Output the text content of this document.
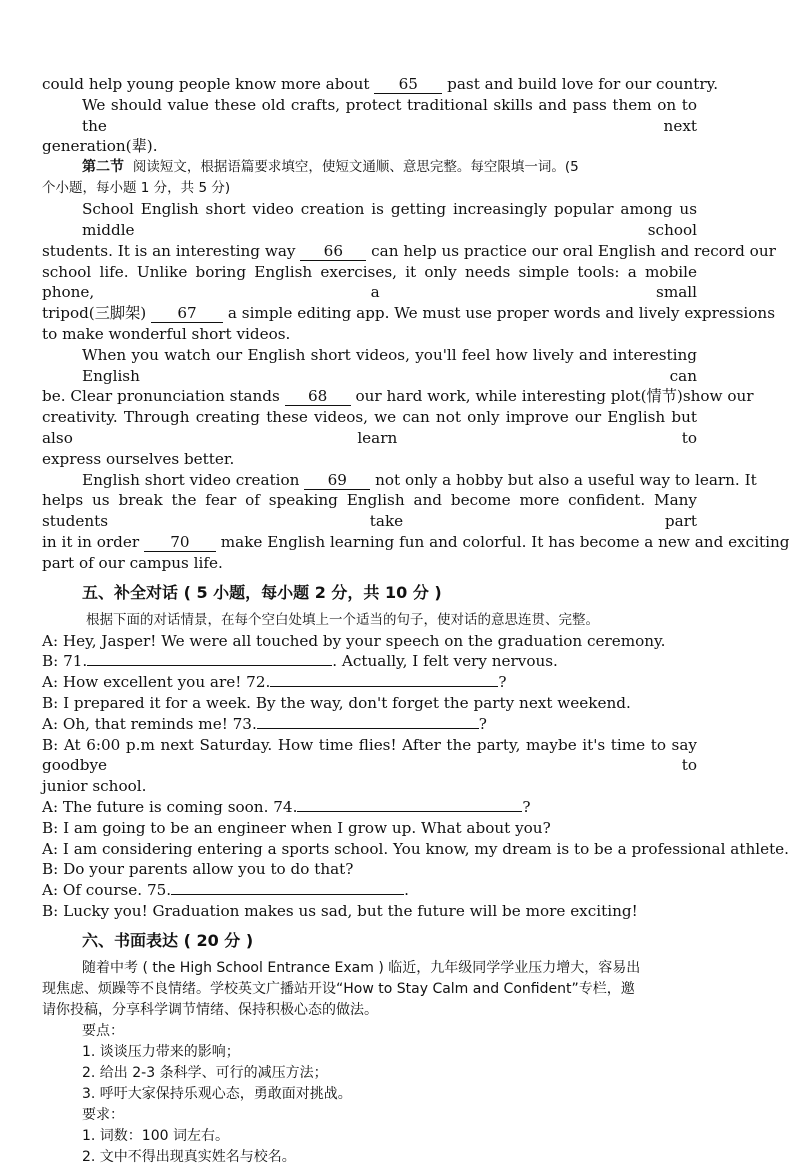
could help young people know more about 65 past and build love for our country.
We should value these old crafts, protect traditional skills and pass them on to the next
generation(辈).
第二节 阅读短文，根据语篇要求填空，使短文通顺、意思完整。每空限填一词。(5
个小题，每小题 1 分，共 5 分)
School English short video creation is getting increasingly popular among us middle school
students. It is an interesting way 66 can help us practice our oral English and record our
school life. Unlike boring English exercises, it only needs simple tools: a mobile phone, a small
tripod(三脚架) 67 a simple editing app. We must use proper words and lively expressions
to make wonderful short videos.
When you watch our English short videos, you'll feel how lively and interesting English can
be. Clear pronunciation stands 68 our hard work, while interesting plot(情节)show our
creativity. Through creating these videos, we can not only improve our English but also learn to
express ourselves better.
English short video creation 69 not only a hobby but also a useful way to learn. It
helps us break the fear of speaking English and become more confident. Many students take part
in it in order 70 make English learning fun and colorful. It has become a new and exciting
part of our campus life.
五、补全对话 ( 5 小题，每小题 2 分，共 10 分 )
根据下面的对话情景，在每个空白处填上一个适当的句子，使对话的意思连贯、完整。
A: Hey, Jasper! We were all touched by your speech on the graduation ceremony.
B: 71.	. Actually, I felt very nervous.
A: How excellent you are! 72.	?
B: I prepared it for a week. By the way, don't forget the party next weekend.
A: Oh, that reminds me! 73.	?
B: At 6:00 p.m next Saturday. How time flies! After the party, maybe it's time to say goodbye to
junior school.
A: The future is coming soon. 74.	?
B: I am going to be an engineer when I grow up. What about you?
A: I am considering entering a sports school. You know, my dream is to be a professional athlete.
B: Do your parents allow you to do that?
A: Of course. 75.	.
B: Lucky you! Graduation makes us sad, but the future will be more exciting!
六、书面表达 ( 20 分 )
随着中考 ( the High School Entrance Exam ) 临近，九年级同学学业压力增大，容易出
现焦虑、烦躁等不良情绪。学校英文广播站开设“How to Stay Calm and Confident”专栏，邀
请你投稿，分享科学调节情绪、保持积极心态的做法。
要点：
1. 谈谈压力带来的影响；
2. 给出 2-3 条科学、可行的减压方法；
3. 呼吁大家保持乐观心态，勇敢面对挑战。
要求：
1. 词数：100 词左右。
2. 文中不得出现真实姓名与校名。
